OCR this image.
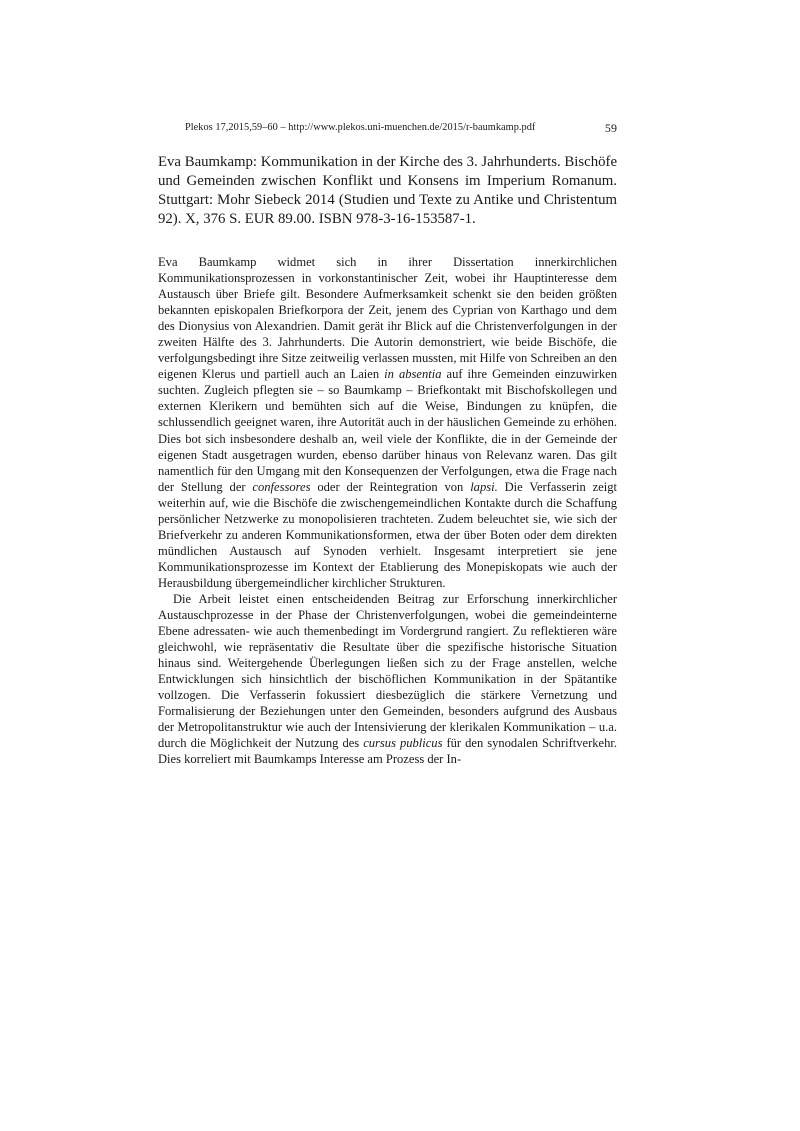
Plekos 17,2015,59–60 – http://www.plekos.uni-muenchen.de/2015/r-baumkamp.pdf	59
Eva Baumkamp: Kommunikation in der Kirche des 3. Jahrhunderts. Bischöfe und Gemeinden zwischen Konflikt und Konsens im Imperium Romanum. Stuttgart: Mohr Siebeck 2014 (Studien und Texte zu Antike und Christentum 92). X, 376 S. EUR 89.00. ISBN 978-3-16-153587-1.

Eva Baumkamp widmet sich in ihrer Dissertation innerkirchlichen Kommunikationsprozessen in vorkonstantinischer Zeit, wobei ihr Hauptinteresse dem Austausch über Briefe gilt. Besondere Aufmerksamkeit schenkt sie den beiden größten bekannten episkopalen Briefkorpora der Zeit, jenem des Cyprian von Karthago und dem des Dionysius von Alexandrien. Damit gerät ihr Blick auf die Christenverfolgungen in der zweiten Hälfte des 3. Jahrhunderts. Die Autorin demonstriert, wie beide Bischöfe, die verfolgungsbedingt ihre Sitze zeitweilig verlassen mussten, mit Hilfe von Schreiben an den eigenen Klerus und partiell auch an Laien in absentia auf ihre Gemeinden einzuwirken suchten. Zugleich pflegten sie – so Baumkamp – Briefkontakt mit Bischofskollegen und externen Klerikern und bemühten sich auf die Weise, Bindungen zu knüpfen, die schlussendlich geeignet waren, ihre Autorität auch in der häuslichen Gemeinde zu erhöhen. Dies bot sich insbesondere deshalb an, weil viele der Konflikte, die in der Gemeinde der eigenen Stadt ausgetragen wurden, ebenso darüber hinaus von Relevanz waren. Das gilt namentlich für den Umgang mit den Konsequenzen der Verfolgungen, etwa die Frage nach der Stellung der confessores oder der Reintegration von lapsi. Die Verfasserin zeigt weiterhin auf, wie die Bischöfe die zwischengemeindlichen Kontakte durch die Schaffung persönlicher Netzwerke zu monopolisieren trachteten. Zudem beleuchtet sie, wie sich der Briefverkehr zu anderen Kommunikationsformen, etwa der über Boten oder dem direkten mündlichen Austausch auf Synoden verhielt. Insgesamt interpretiert sie jene Kommunikationsprozesse im Kontext der Etablierung des Monepiskopats wie auch der Herausbildung übergemeindlicher kirchlicher Strukturen.

Die Arbeit leistet einen entscheidenden Beitrag zur Erforschung innerkirchlicher Austauschprozesse in der Phase der Christenverfolgungen, wobei die gemeindeinterne Ebene adressaten- wie auch themenbedingt im Vordergrund rangiert. Zu reflektieren wäre gleichwohl, wie repräsentativ die Resultate über die spezifische historische Situation hinaus sind. Weitergehende Überlegungen ließen sich zu der Frage anstellen, welche Entwicklungen sich hinsichtlich der bischöflichen Kommunikation in der Spätantike vollzogen. Die Verfasserin fokussiert diesbezüglich die stärkere Vernetzung und Formalisierung der Beziehungen unter den Gemeinden, besonders aufgrund des Ausbaus der Metropolitanstruktur wie auch der Intensivierung der klerikalen Kommunikation – u.a. durch die Möglichkeit der Nutzung des cursus publicus für den synodalen Schriftverkehr. Dies korreliert mit Baumkamps Interesse am Prozess der In-
